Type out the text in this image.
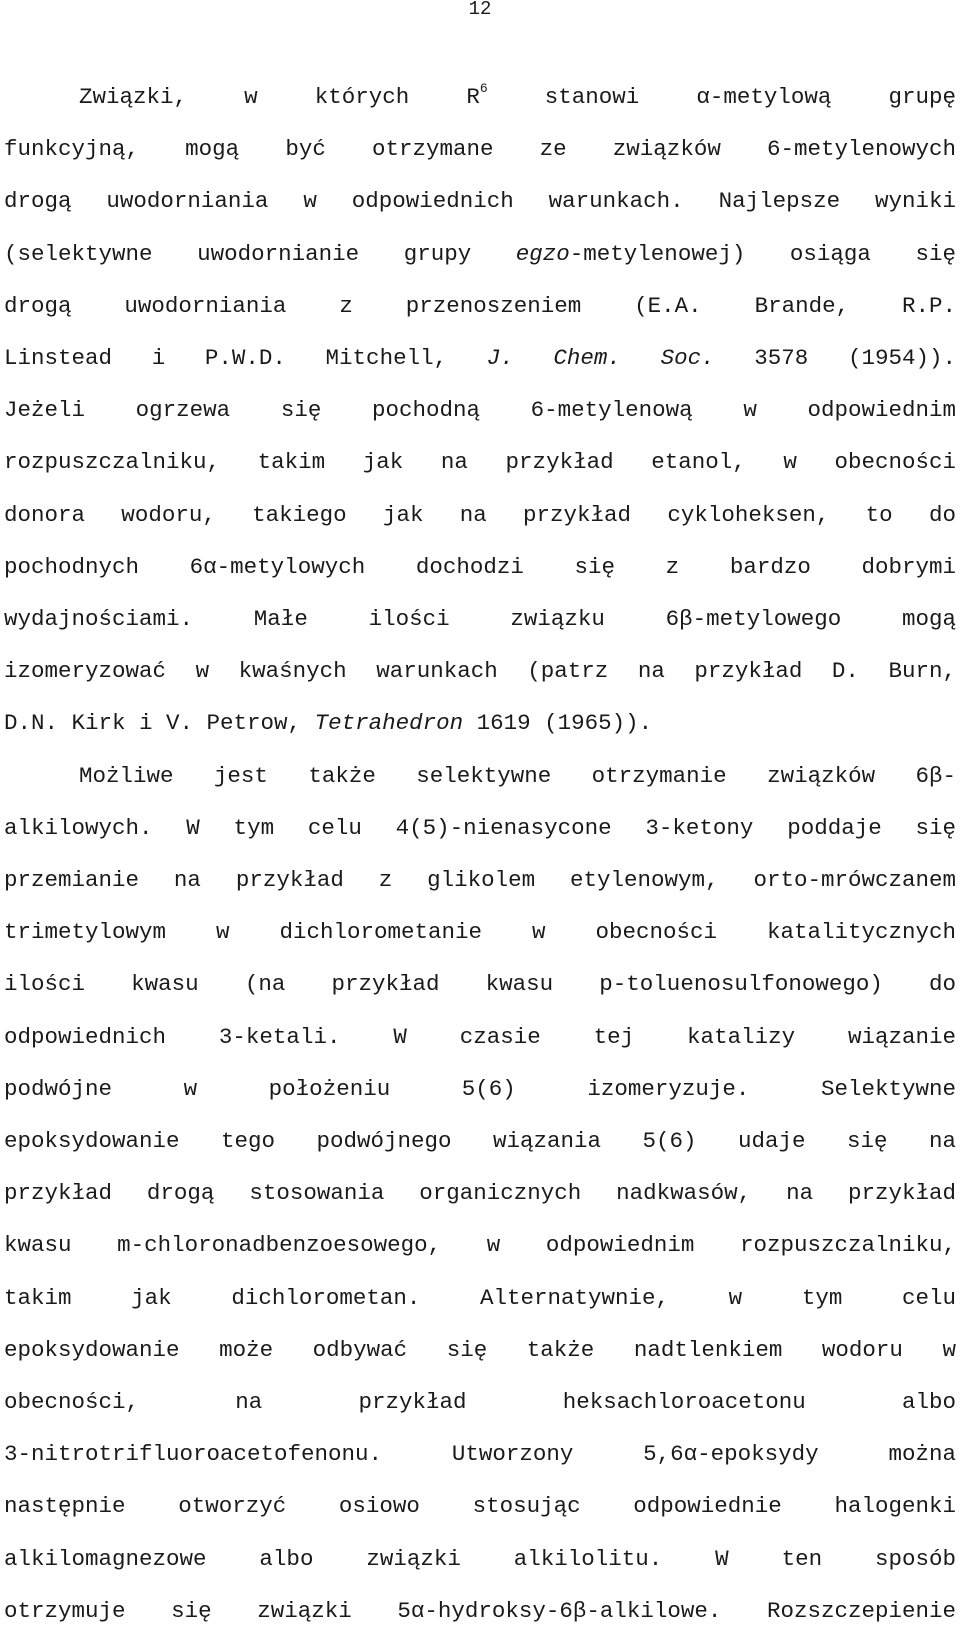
12

Związki, w których $R^6$ stanowi α-metylową grupę
funkcyjną, mogą być otrzymane ze związków 6-metylenowych
drogą uwodorniania w odpowiednich warunkach. Najlepsze wyniki
(selektywne uwodornianie grupy egzo-metylenowej) osiąga się
drogą uwodorniania z przenoszeniem (E.A. Brande, R.P.
Linstead i P.W.D. Mitchell, J. Chem. Soc. 3578 (1954)).
Jeżeli ogrzewa się pochodną 6-metylenową w odpowiednim
rozpuszczalniku, takim jak na przykład etanol, w obecności
donora wodoru, takiego jak na przykład cykloheksen, to do
pochodnych 6α-metylowych dochodzi się z bardzo dobrymi
wydajnościami. Małe ilości związku 6β-metylowego mogą
izomeryzować w kwaśnych warunkach (patrz na przykład D. Burn,
D.N. Kirk i V. Petrow, Tetrahedron 1619 (1965)).

Możliwe jest także selektywne otrzymanie związków 6β-
alkilowych. W tym celu 4(5)-nienasycone 3-ketony poddaje się
przemianie na przykład z glikolem etylenowym, orto-mrówczanem
trimetylowym w dichlorometanie w obecności katalitycznych
ilości kwasu (na przykład kwasu p-toluenosulfonowego) do
odpowiednich 3-ketali. W czasie tej katalizy wiązanie
podwójne w położeniu 5(6) izomeryzuje. Selektywne
epoksydowanie tego podwójnego wiązania 5(6) udaje się na
przykład drogą stosowania organicznych nadkwasów, na przykład
kwasu m-chloronadbenzoesowego, w odpowiednim rozpuszczalniku,
takim jak dichlorometan. Alternatywnie, w tym celu
epoksydowanie może odbywać się także nadtlenkiem wodoru w
obecności, na przykład heksachloroacetonu albo
3-nitrotrifluoroacetofenonu. Utworzony 5,6α-epoksydy można
następnie otworzyć osiowo stosując odpowiednie halogenki
alkilomagnezowe albo związki alkilolitu. W ten sposób
otrzymuje się związki 5α-hydroksy-6β-alkilowe. Rozszczepienie
